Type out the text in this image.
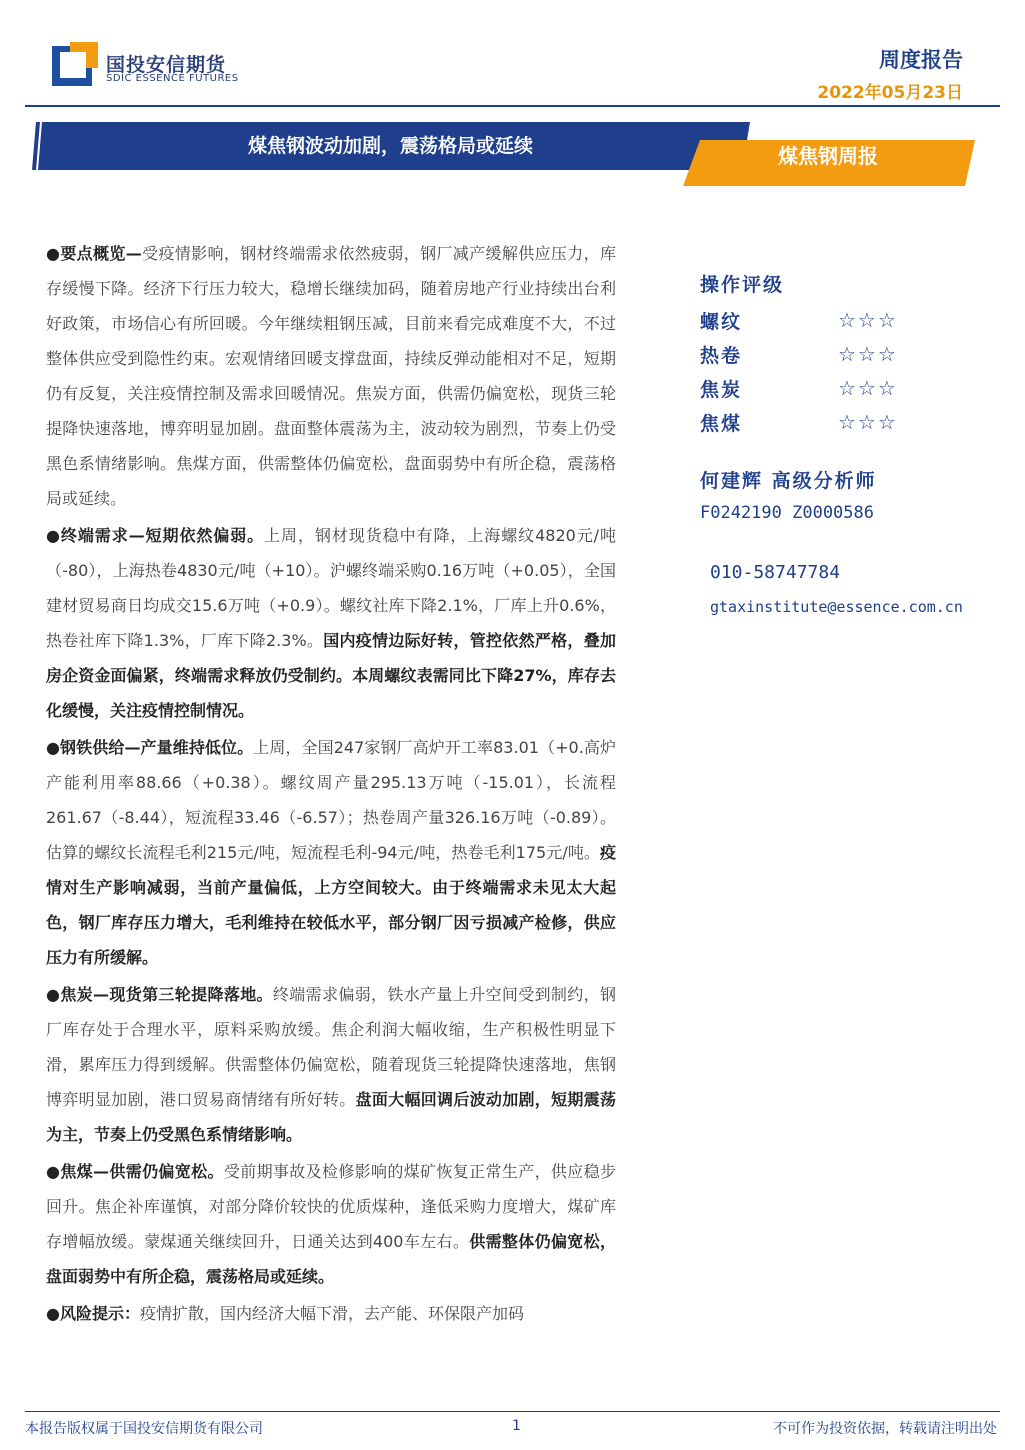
国投安信期货
SDIC ESSENCE FUTURES
周度报告
2022年05月23日
煤焦钢波动加剧，震荡格局或延续	煤焦钢周报

●要点概览—受疫情影响，钢材终端需求依然疲弱，钢厂减产缓解供应压力，库存缓慢下降。经济下行压力较大，稳增长继续加码，随着房地产行业持续出台利好政策，市场信心有所回暖。今年继续粗钢压减，目前来看完成难度不大，不过整体供应受到隐性约束。宏观情绪回暖支撑盘面，持续反弹动能相对不足，短期仍有反复，关注疫情控制及需求回暖情况。焦炭方面，供需仍偏宽松，现货三轮提降快速落地，博弈明显加剧。盘面整体震荡为主，波动较为剧烈，节奏上仍受黑色系情绪影响。焦煤方面，供需整体仍偏宽松，盘面弱势中有所企稳，震荡格局或延续。

●终端需求—短期依然偏弱。上周，钢材现货稳中有降，上海螺纹4820元/吨（-80），上海热卷4830元/吨（+10）。沪螺终端采购0.16万吨（+0.05），全国建材贸易商日均成交15.6万吨（+0.9）。螺纹社库下降2.1%，厂库上升0.6%，热卷社库下降1.3%，厂库下降2.3%。国内疫情边际好转，管控依然严格，叠加房企资金面偏紧，终端需求释放仍受制约。本周螺纹表需同比下降27%，库存去化缓慢，关注疫情控制情况。

●钢铁供给—产量维持低位。上周，全国247家钢厂高炉开工率83.01（+0.高炉产能利用率88.66（+0.38）。螺纹周产量295.13万吨（-15.01），长流程261.67（-8.44），短流程33.46（-6.57）；热卷周产量326.16万吨（-0.89）。估算的螺纹长流程毛利215元/吨，短流程毛利-94元/吨，热卷毛利175元/吨。疫情对生产影响减弱，当前产量偏低，上方空间较大。由于终端需求未见太大起色，钢厂库存压力增大，毛利维持在较低水平，部分钢厂因亏损减产检修，供应压力有所缓解。

●焦炭—现货第三轮提降落地。终端需求偏弱，铁水产量上升空间受到制约，钢厂库存处于合理水平，原料采购放缓。焦企利润大幅收缩，生产积极性明显下滑，累库压力得到缓解。供需整体仍偏宽松，随着现货三轮提降快速落地，焦钢博弈明显加剧，港口贸易商情绪有所好转。盘面大幅回调后波动加剧，短期震荡为主，节奏上仍受黑色系情绪影响。

●焦煤—供需仍偏宽松。受前期事故及检修影响的煤矿恢复正常生产，供应稳步回升。焦企补库谨慎，对部分降价较快的优质煤种，逢低采购力度增大，煤矿库存增幅放缓。蒙煤通关继续回升，日通关达到400车左右。供需整体仍偏宽松，盘面弱势中有所企稳，震荡格局或延续。

●风险提示：疫情扩散，国内经济大幅下滑，去产能、环保限产加码

操作评级
螺纹	☆☆☆
热卷	☆☆☆
焦炭	☆☆☆
焦煤	☆☆☆
何建辉 高级分析师
F0242190 Z0000586
010-58747784
gtaxinstitute@essence.com.cn
本报告版权属于国投安信期货有限公司	1	不可作为投资依据，转载请注明出处
